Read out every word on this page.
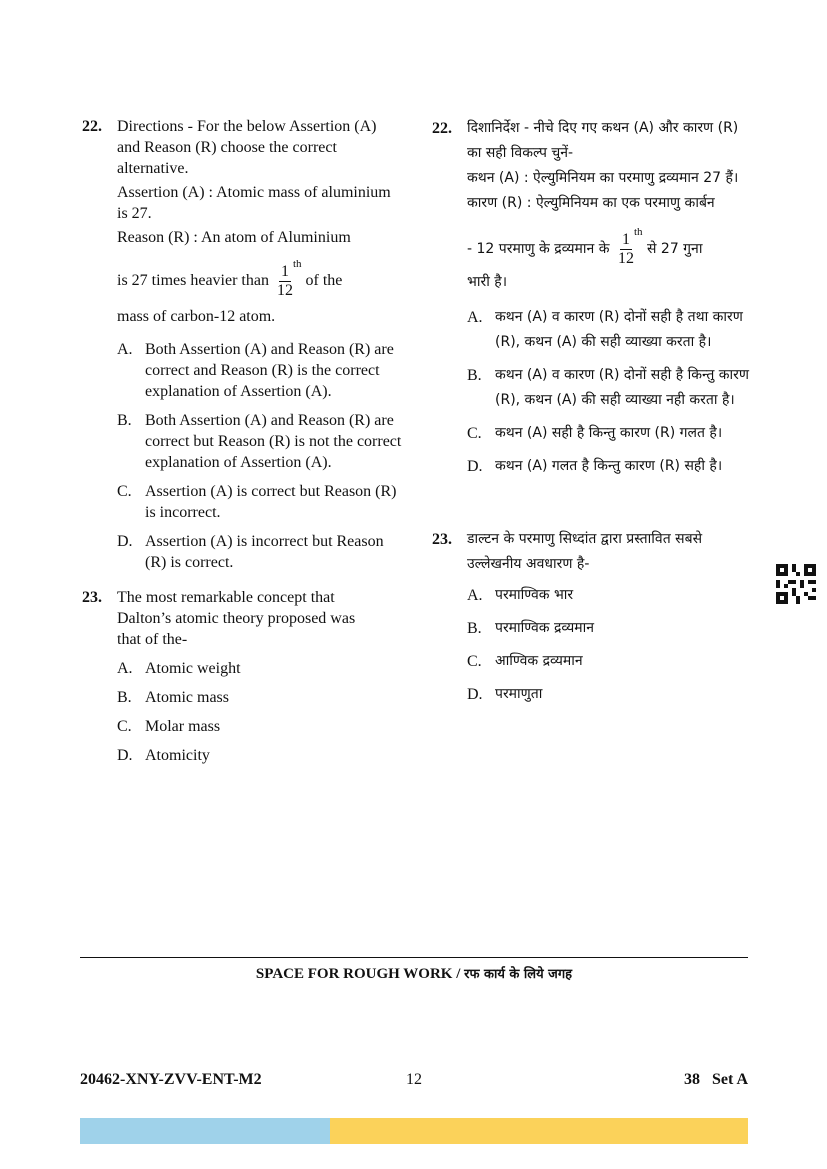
22. Directions - For the below Assertion (A) and Reason (R) choose the correct alternative.
Assertion (A) : Atomic mass of aluminium is 27.
Reason (R) : An atom of Aluminium
is 27 times heavier than $\frac{1}{12} ^{th}$ of the
mass of carbon-12 atom.
A. Both Assertion (A) and Reason (R) are correct and Reason (R) is the correct explanation of Assertion (A).
B. Both Assertion (A) and Reason (R) are correct but Reason (R) is not the correct explanation of Assertion (A).
C. Assertion (A) is correct but Reason (R) is incorrect.
D. Assertion (A) is incorrect but Reason (R) is correct.
23. The most remarkable concept that
Dalton’s atomic theory proposed was
that of the-
A. Atomic weight
B. Atomic mass
C. Molar mass
D. Atomicity
22.	दिशानिर्देश - नीचे दिए गए कथन (A) और कारण (R) का सही विकल्प चुनें-
कथन (A) : ऐल्युमिनियम का परमाणु द्रव्यमान 27 हैं।
कारण (R) : ऐल्युमिनियम का एक परमाणु कार्बन
- 12 परमाणु के द्रव्यमान के $\frac{1}{12} ^{th}$ से 27 गुना
भारी है।
A. कथन (A) व कारण (R) दोनों सही है तथा कारण (R), कथन (A) की सही व्याख्या करता है।
B. कथन (A) व कारण (R) दोनों सही है किन्तु कारण (R), कथन (A) की सही व्याख्या नही करता है।
C. कथन (A) सही है किन्तु कारण (R) गलत है।
D. कथन (A) गलत है किन्तु कारण (R) सही है।
23.	डाल्टन के परमाणु सिध्दांत द्वारा प्रस्तावित सबसे उल्लेखनीय अवधारण है-
A. परमाण्विक भार
B. परमाण्विक द्रव्यमान
C. आण्विक द्रव्यमान
D. परमाणुता
SPACE FOR ROUGH WORK / रफ कार्य के लिये जगह
20462-XNY-ZVV-ENT-M2	12	38   Set A
